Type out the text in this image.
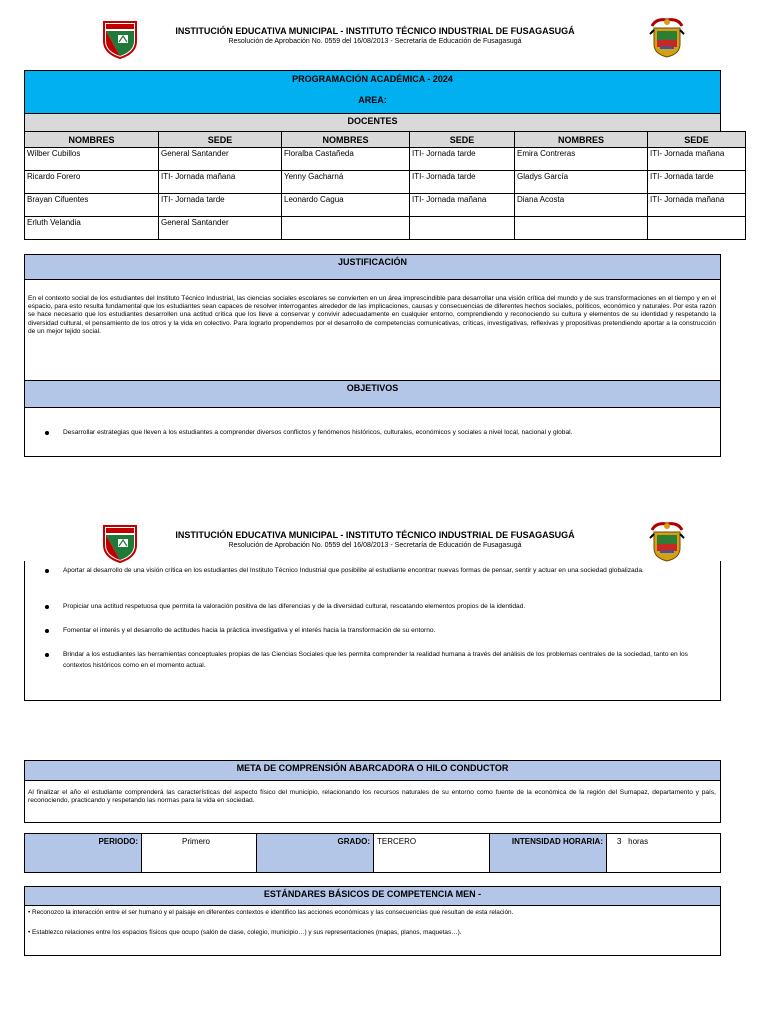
INSTITUCIÓN EDUCATIVA MUNICIPAL - INSTITUTO TÉCNICO INDUSTRIAL DE FUSAGASUGÁ
Resolución de Aprobación No. 0559 del 16/08/2013 - Secretaría de Educación de Fusagasugá
PROGRAMACIÓN ACADÉMICA - 2024
AREA:
DOCENTES
NOMBRES	SEDE	NOMBRES	SEDE	NOMBRES	SEDE
Wilber Cubillos	General Santander	Floralba Castañeda	ITI- Jornada tarde	Emira Contreras	ITI- Jornada mañana
Ricardo Forero	ITI- Jornada mañana	Yenny Gacharná	ITI- Jornada tarde	Gladys García	ITI- Jornada tarde
Brayan Cifuentes	ITI- Jornada tarde	Leonardo Cagua	ITI- Jornada mañana	Diana Acosta	ITI- Jornada mañana
Erluth Velandia	General Santander				
JUSTIFICACIÓN
En el contexto social de los estudiantes del Instituto Técnico Industrial, las ciencias sociales escolares se convierten en un área imprescindible para desarrollar una visión crítica del mundo y de sus transformaciones en el tiempo y en el espacio, para esto resulta fundamental que los estudiantes sean capaces de resolver interrogantes alrededor de las implicaciones, causas y consecuencias de diferentes hechos sociales, políticos, económico y naturales. Por esta razón se hace necesario que los estudiantes desarrollen una actitud crítica que los lleve a conservar y convivir adecuadamente en cualquier entorno, comprendiendo y reconociendo su cultura y elementos de su identidad y respetando la diversidad cultural, el pensamiento de los otros y la vida en colectivo. Para lograrlo propendemos por el desarrollo de competencias comunicativas, críticas, investigativas, reflexivas y propositivas pretendiendo aportar a la construcción de un mejor tejido social.
OBJETIVOS
Desarrollar estrategias que lleven a los estudiantes a comprender diversos conflictos y fenómenos históricos, culturales, económicos y sociales a nivel local, nacional y global.
INSTITUCIÓN EDUCATIVA MUNICIPAL - INSTITUTO TÉCNICO INDUSTRIAL DE FUSAGASUGÁ
Resolución de Aprobación No. 0559 del 16/08/2013 - Secretaría de Educación de Fusagasugá
Aportar al desarrollo de una visión crítica en los estudiantes del Instituto Técnico Industrial que posibilite al estudiante encontrar nuevas formas de pensar, sentir y actuar en una sociedad globalizada.
Propiciar una actitud respetuosa que permita la valoración positiva de las diferencias y de la diversidad cultural, rescatando elementos propios de la identidad.
Fomentar el interés y el desarrollo de actitudes hacia la práctica investigativa y el interés hacia la transformación de su entorno.
Brindar a los estudiantes las herramientas conceptuales propias de las Ciencias Sociales que les permita comprender la realidad humana a través del análisis de los problemas centrales de la sociedad, tanto en los contextos históricos como en el momento actual.
META DE COMPRENSIÓN ABARCADORA O HILO CONDUCTOR
Al finalizar el año el estudiante comprenderá las características del aspecto físico del municipio, relacionando los recursos naturales de su entorno como fuente de la económica de la región del Sumapaz, departamento y país, reconociendo, practicando y respetando las normas para la vida en sociedad.
PERIODO:	Primero	GRADO: TERCERO	INTENSIDAD HORARIA: 3   horas
ESTÁNDARES BÁSICOS DE COMPETENCIA MEN -
• Reconozco la interacción entre el ser humano y el paisaje en diferentes contextos e identifico las acciones económicas y las consecuencias que resultan de esta relación.
• Establezco relaciones entre los espacios físicos que ocupo (salón de clase, colegio, municipio…) y sus representaciones (mapas, planos, maquetas…).
